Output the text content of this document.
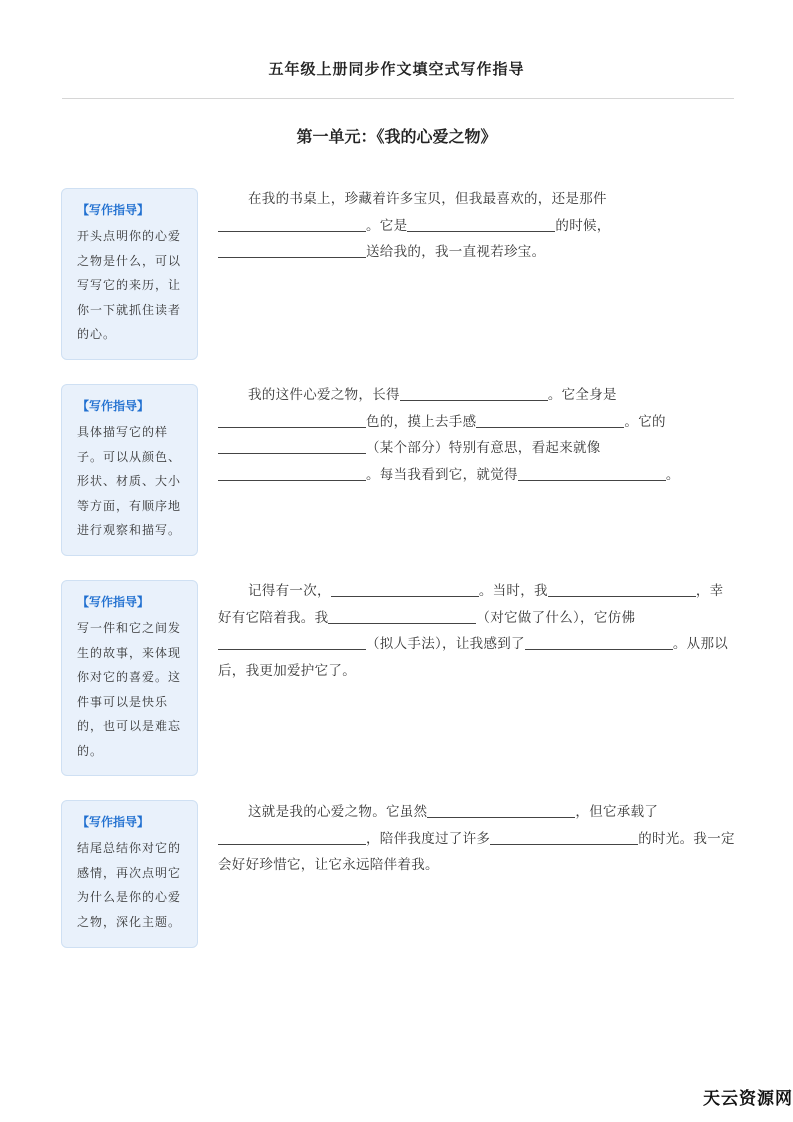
五年级上册同步作文填空式写作指导
第一单元：《我的心爱之物》
【写作指导】
开头点明你的心爱之物是什么，可以写写它的来历，让你一下就抓住读者的心。
在我的书桌上，珍藏着许多宝贝，但我最喜欢的，还是那件。它是	的时候，送给我的，我一直视若珍宝。
【写作指导】
具体描写它的样子。可以从颜色、形状、材质、大小等方面，有顺序地进行观察和描写。
我的这件心爱之物，长得	。它全身是色的，摸上去手感	。它的（某个部分）特别有意思，看起来就像。每当我看到它，就觉得	。
【写作指导】
写一件和它之间发生的故事，来体现你对它的喜爱。这件事可以是快乐的，也可以是难忘的。
记得有一次，	。当时，我	，幸好有它陪着我。我	（对它做了什么），它仿佛（拟人手法），让我感到了	。从那以后，我更加爱护它了。
【写作指导】
结尾总结你对它的感情，再次点明它为什么是你的心爱之物，深化主题。
这就是我的心爱之物。它虽然	，但它承载了，陪伴我度过了许多	的时光。我一定会好好珍惜它，让它永远陪伴着我。
天云资源网
